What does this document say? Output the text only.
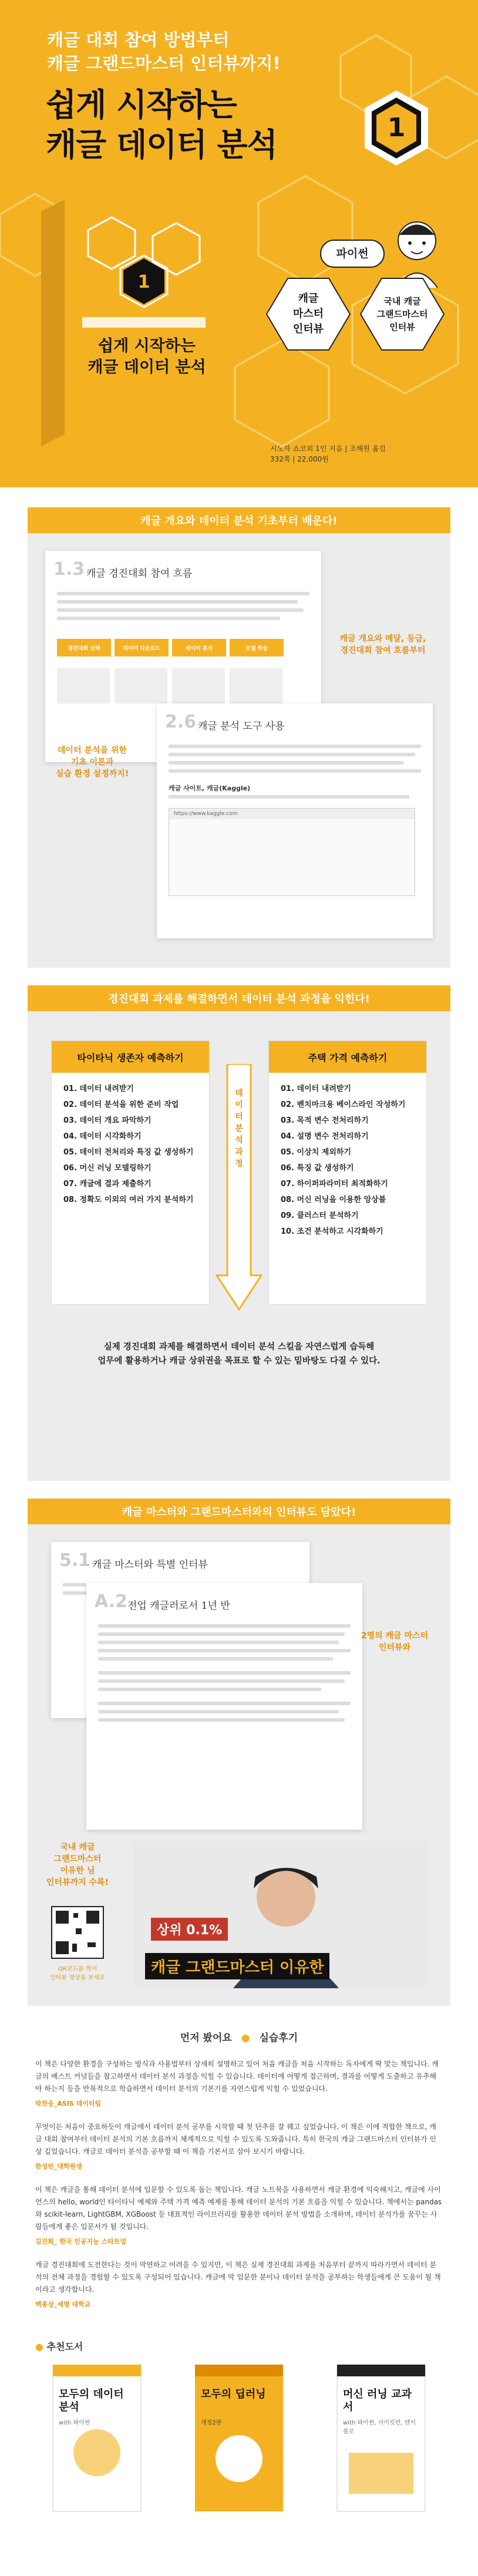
캐글 대회 참여 방법부터
캐글 그랜드마스터 인터뷰까지!
쉽게 시작하는
캐글 데이터 분석	1
1
쉽게 시작하는
캐글 데이터 분석
파이썬
캐글
마스터
인터뷰
국내 캐글
그랜드마스터
인터뷰
시노자 쇼코외 1인 지음 | 조해원 옮김
332쪽 | 22,000원
캐글 개요와 데이터 분석 기초부터 배운다!
1.3 캐글 경진대회 참여 흐름
경진대회 선택	데이터 다운로드	데이터 분석	모델 학습
캐글 개요와 메달, 등급,
경진대회 참여 흐름부터
2.6 캐글 분석 도구 사용
캐글 사이트, 캐글(Kaggle)
https://www.kaggle.com
데이터 분석을 위한
기초 이론과
실습 환경 설정까지!
경진대회 과제를 해결하면서 데이터 분석 과정을 익힌다!
타이타닉 생존자 예측하기
01. 데이터 내려받기
02. 데이터 분석을 위한 준비 작업
03. 데이터 개요 파악하기
04. 데이터 시각화하기
05. 데이터 전처리와 특징 값 생성하기
06. 머신 러닝 모델링하기
07. 캐글에 결과 제출하기
08. 정확도 이외의 여러 가지 분석하기
데이터 분석 과정
주택 가격 예측하기
01. 데이터 내려받기
02. 벤치마크용 베이스라인 작성하기
03. 목적 변수 전처리하기
04. 설명 변수 전처리하기
05. 이상치 제외하기
06. 특징 값 생성하기
07. 하이퍼파라미터 최적화하기
08. 머신 러닝을 이용한 앙상블
09. 클러스터 분석하기
10. 조건 분석하고 시각화하기
실제 경진대회 과제를 해결하면서 데이터 분석 스킬을 자연스럽게 습득해
업무에 활용하거나 캐글 상위권을 목표로 할 수 있는 밑바탕도 다질 수 있다.
캐글 마스터와 그랜드마스터와의 인터뷰도 담았다!
5.1 캐글 마스터와 특별 인터뷰
A.2 전업 캐글러로서 1년 반
2명의 캐글 마스터
인터뷰와
국내 캐글
그랜드마스터
이유한 님
인터뷰까지 수록!
QR코드를 찍어
인터뷰 영상을 보세요
상위 0.1%
캐글 그랜드마스터 이유한
먼저 봤어요 ● 실습후기

이 책은 다양한 환경을 구성하는 방식과 사용법부터 상세히 설명하고 있어 처음 캐글을 처음 시작하는 독자에게 딱 맞는 책입니다. 캐글의 베스트 커널들을 참고하면서 데이터 분석 과정을 익힐 수 있습니다. 데이터에 어떻게 접근하며, 결과를 어떻게 도출하고 유추해야 하는지 등을 반복적으로 학습하면서 데이터 분석의 기본기를 자연스럽게 익힐 수 있었습니다.

박찬웅_ASIS 데이터팀

무엇이든 처음이 중요하듯이 캐글에서 데이터 분석 공부를 시작할 때 첫 단추를 잘 꿰고 싶었습니다. 이 책은 이에 적합한 책으로, 캐글 대회 참여부터 데이터 분석의 기본 흐름까지 체계적으로 익힐 수 있도록 도와줍니다. 특히 한국의 캐글 그랜드마스터 인터뷰가 인상 깊었습니다. 캐글로 데이터 분석을 공부할 때 이 책을 기본서로 삼아 보시기 바랍니다.

한성빈_대학원생

이 책은 캐글을 통해 데이터 분석에 입문할 수 있도록 돕는 책입니다. 캐글 노트북을 사용하면서 캐글 환경에 익숙해지고, 캐글에 사이언스의 hello, world인 타이타닉 예제와 주택 가격 예측 예제를 통해 데이터 분석의 기본 흐름을 익힐 수 있습니다. 책에서는 pandas와 scikit-learn, LightGBM, XGBoost 등 대표적인 라이브러리를 활용한 데이터 분석 방법을 소개하며, 데이터 분석가를 꿈꾸는 사람들에게 좋은 입문서가 될 것입니다.

김진희_ 한국 인공지능 스타트업

캐글 경진대회에 도전한다는 것이 막연하고 어려울 수 있지만, 이 책은 실제 경진대회 과제를 처음부터 끝까지 따라가면서 데이터 분석의 전체 과정을 경험할 수 있도록 구성되어 있습니다. 캐글에 막 입문한 분이나 데이터 분석을 공부하는 학생들에게 큰 도움이 될 책이라고 생각합니다.

백종상_세명 대학교

● 추천도서
모두의 데이터 분석
with 파이썬
모두의 딥러닝
개정2판
머신 러닝 교과서
with 파이썬, 사이킷런, 텐서플로
